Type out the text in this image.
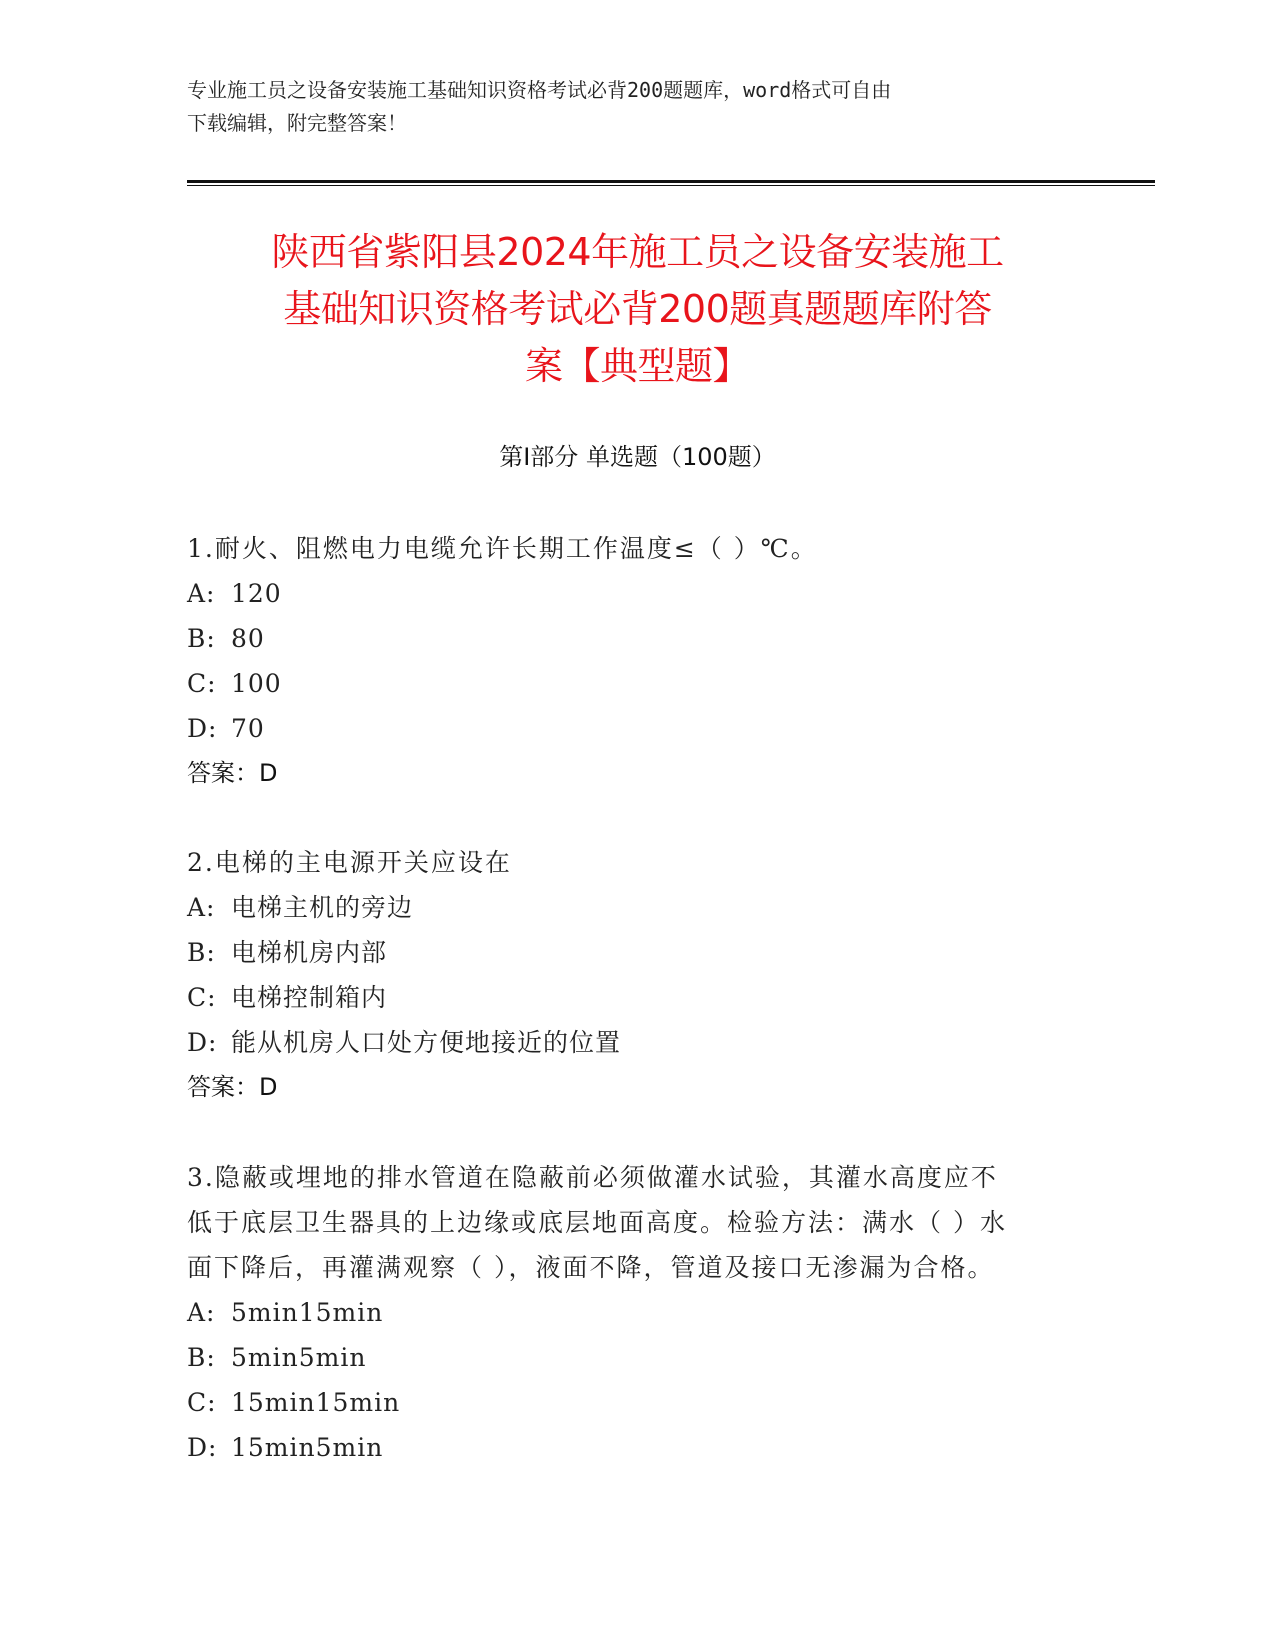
专业施工员之设备安装施工基础知识资格考试必背200题题库，word格式可自由
下载编辑，附完整答案！
陕西省紫阳县2024年施工员之设备安装施工
基础知识资格考试必背200题真题题库附答
案【典型题】
第Ⅰ部分 单选题（100题）
1.耐火、阻燃电力电缆允许长期工作温度≤（ ）℃。
A: 120
B: 80
C: 100
D: 70
答案：D
2.电梯的主电源开关应设在
A: 电梯主机的旁边
B: 电梯机房内部
C: 电梯控制箱内
D: 能从机房人口处方便地接近的位置
答案：D
3.隐蔽或埋地的排水管道在隐蔽前必须做灌水试验，其灌水高度应不
低于底层卫生器具的上边缘或底层地面高度。检验方法：满水（ ）水
面下降后，再灌满观察（ ），液面不降，管道及接口无渗漏为合格。
A: 5min15min
B: 5min5min
C: 15min15min
D: 15min5min
